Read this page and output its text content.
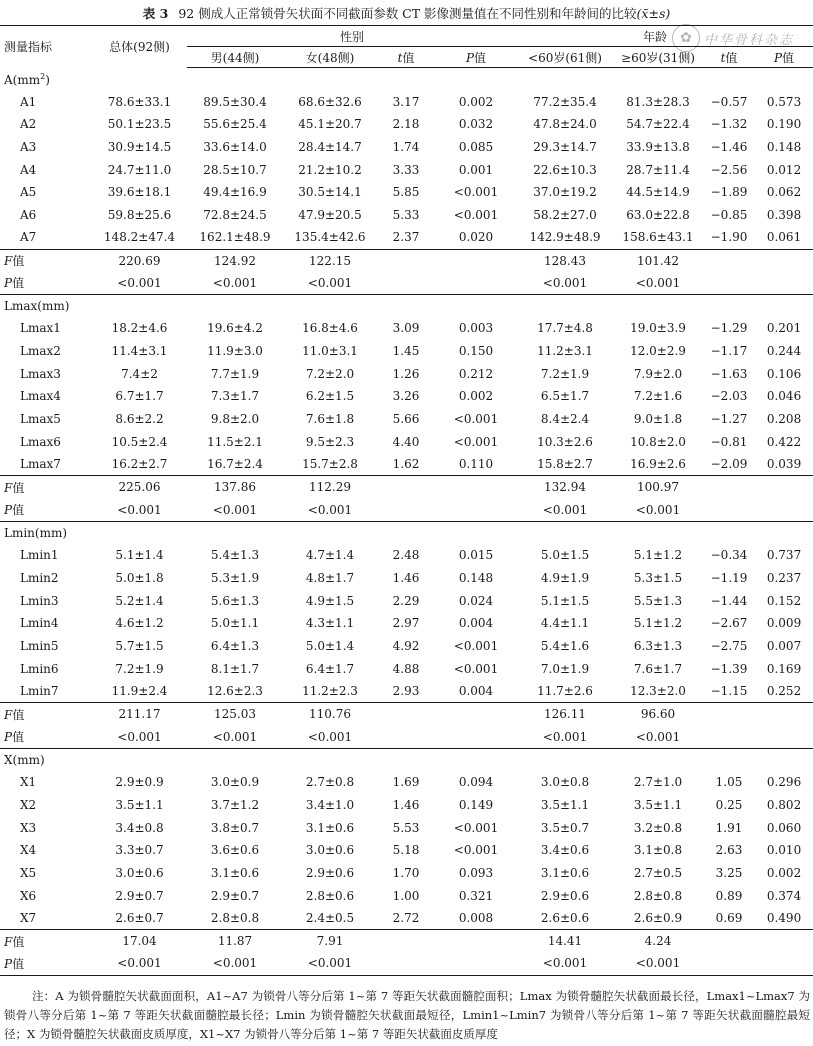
表 3 92 侧成人正常锁骨矢状面不同截面参数 CT 影像测量值在不同性别和年龄间的比较(x̄±s)
✿ 中华骨科杂志
测量指标	总体(92侧)	性别				年龄			
		男(44侧)	女(48侧)	t值	P值	<60岁(61侧)	≥60岁(31侧)	t值	P值
$A(mm^2)$									
A1	78.6±33.1	89.5±30.4	68.6±32.6	3.17	0.002	77.2±35.4	81.3±28.3	−0.57	0.573
A2	50.1±23.5	55.6±25.4	45.1±20.7	2.18	0.032	47.8±24.0	54.7±22.4	−1.32	0.190
A3	30.9±14.5	33.6±14.0	28.4±14.7	1.74	0.085	29.3±14.7	33.9±13.8	−1.46	0.148
A4	24.7±11.0	28.5±10.7	21.2±10.2	3.33	0.001	22.6±10.3	28.7±11.4	−2.56	0.012
A5	39.6±18.1	49.4±16.9	30.5±14.1	5.85	<0.001	37.0±19.2	44.5±14.9	−1.89	0.062
A6	59.8±25.6	72.8±24.5	47.9±20.5	5.33	<0.001	58.2±27.0	63.0±22.8	−0.85	0.398
A7	148.2±47.4	162.1±48.9	135.4±42.6	2.37	0.020	142.9±48.9	158.6±43.1	−1.90	0.061
F值	220.69	124.92	122.15			128.43	101.42		
P值	<0.001	<0.001	<0.001			<0.001	<0.001		
Lmax(mm)									
Lmax1	18.2±4.6	19.6±4.2	16.8±4.6	3.09	0.003	17.7±4.8	19.0±3.9	−1.29	0.201
Lmax2	11.4±3.1	11.9±3.0	11.0±3.1	1.45	0.150	11.2±3.1	12.0±2.9	−1.17	0.244
Lmax3	7.4±2	7.7±1.9	7.2±2.0	1.26	0.212	7.2±1.9	7.9±2.0	−1.63	0.106
Lmax4	6.7±1.7	7.3±1.7	6.2±1.5	3.26	0.002	6.5±1.7	7.2±1.6	−2.03	0.046
Lmax5	8.6±2.2	9.8±2.0	7.6±1.8	5.66	<0.001	8.4±2.4	9.0±1.8	−1.27	0.208
Lmax6	10.5±2.4	11.5±2.1	9.5±2.3	4.40	<0.001	10.3±2.6	10.8±2.0	−0.81	0.422
Lmax7	16.2±2.7	16.7±2.4	15.7±2.8	1.62	0.110	15.8±2.7	16.9±2.6	−2.09	0.039
F值	225.06	137.86	112.29			132.94	100.97		
P值	<0.001	<0.001	<0.001			<0.001	<0.001		
Lmin(mm)									
Lmin1	5.1±1.4	5.4±1.3	4.7±1.4	2.48	0.015	5.0±1.5	5.1±1.2	−0.34	0.737
Lmin2	5.0±1.8	5.3±1.9	4.8±1.7	1.46	0.148	4.9±1.9	5.3±1.5	−1.19	0.237
Lmin3	5.2±1.4	5.6±1.3	4.9±1.5	2.29	0.024	5.1±1.5	5.5±1.3	−1.44	0.152
Lmin4	4.6±1.2	5.0±1.1	4.3±1.1	2.97	0.004	4.4±1.1	5.1±1.2	−2.67	0.009
Lmin5	5.7±1.5	6.4±1.3	5.0±1.4	4.92	<0.001	5.4±1.6	6.3±1.3	−2.75	0.007
Lmin6	7.2±1.9	8.1±1.7	6.4±1.7	4.88	<0.001	7.0±1.9	7.6±1.7	−1.39	0.169
Lmin7	11.9±2.4	12.6±2.3	11.2±2.3	2.93	0.004	11.7±2.6	12.3±2.0	−1.15	0.252
F值	211.17	125.03	110.76			126.11	96.60		
P值	<0.001	<0.001	<0.001			<0.001	<0.001		
X(mm)									
X1	2.9±0.9	3.0±0.9	2.7±0.8	1.69	0.094	3.0±0.8	2.7±1.0	1.05	0.296
X2	3.5±1.1	3.7±1.2	3.4±1.0	1.46	0.149	3.5±1.1	3.5±1.1	0.25	0.802
X3	3.4±0.8	3.8±0.7	3.1±0.6	5.53	<0.001	3.5±0.7	3.2±0.8	1.91	0.060
X4	3.3±0.7	3.6±0.6	3.0±0.6	5.18	<0.001	3.4±0.6	3.1±0.8	2.63	0.010
X5	3.0±0.6	3.1±0.6	2.9±0.6	1.70	0.093	3.1±0.6	2.7±0.5	3.25	0.002
X6	2.9±0.7	2.9±0.7	2.8±0.6	1.00	0.321	2.9±0.6	2.8±0.8	0.89	0.374
X7	2.6±0.7	2.8±0.8	2.4±0.5	2.72	0.008	2.6±0.6	2.6±0.9	0.69	0.490
F值	17.04	11.87	7.91			14.41	4.24		
P值	<0.001	<0.001	<0.001			<0.001	<0.001		
注：A 为锁骨髓腔矢状截面面积，A1~A7 为锁骨八等分后第 1~第 7 等距矢状截面髓腔面积；Lmax 为锁骨髓腔矢状截面最长径，Lmax1~Lmax7 为锁骨八等分后第 1~第 7 等距矢状截面髓腔最长径；Lmin 为锁骨髓腔矢状截面最短径，Lmin1~Lmin7 为锁骨八等分后第 1~第 7 等距矢状截面髓腔最短径；X 为锁骨髓腔矢状截面皮质厚度，X1~X7 为锁骨八等分后第 1~第 7 等距矢状截面皮质厚度
